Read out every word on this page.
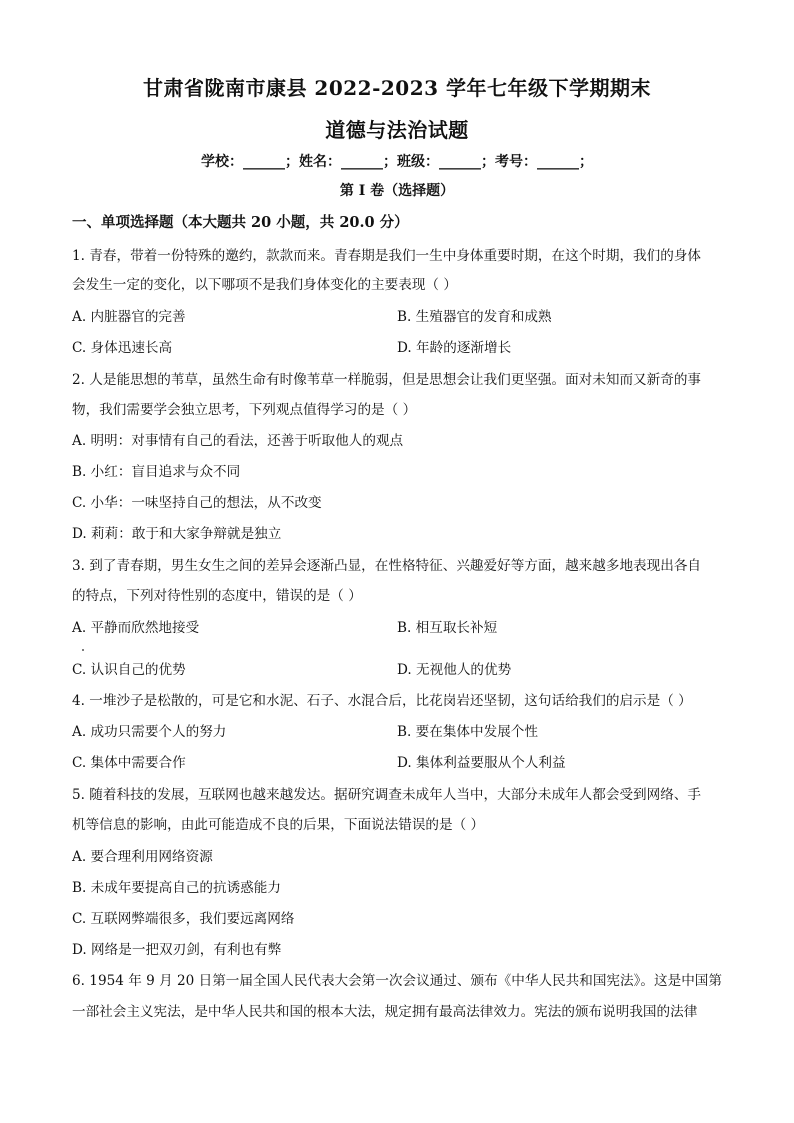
甘肃省陇南市康县 2022-2023 学年七年级下学期期末
道德与法治试题
学校：______；姓名：______；班级：______；考号：______；
第 I 卷（选择题）
一、单项选择题（本大题共 20 小题，共 20.0 分）
1. 青春，带着一份特殊的邀约，款款而来。青春期是我们一生中身体重要时期，在这个时期，我们的身体
会发生一定的变化，以下哪项不是我们身体变化的主要表现（ ）
A. 内脏器官的完善	B. 生殖器官的发育和成熟
C. 身体迅速长高	D. 年龄的逐渐增长
2. 人是能思想的苇草，虽然生命有时像苇草一样脆弱，但是思想会让我们更坚强。面对未知而又新奇的事
物，我们需要学会独立思考，下列观点值得学习的是（ ）
A. 明明：对事情有自己的看法，还善于听取他人的观点
B. 小红：盲目追求与众不同
C. 小华：一味坚持自己的想法，从不改变
D. 莉莉：敢于和大家争辩就是独立
3. 到了青春期，男生女生之间的差异会逐渐凸显，在性格特征、兴趣爱好等方面，越来越多地表现出各自
的特点，下列对待性别的态度中，错误的是（ ）
A. 平静而欣然地接受	B. 相互取长补短
C. 认识自己的优势	D. 无视他人的优势
4. 一堆沙子是松散的，可是它和水泥、石子、水混合后，比花岗岩还坚韧，这句话给我们的启示是（ ）
A. 成功只需要个人的努力	B. 要在集体中发展个性
C. 集体中需要合作	D. 集体利益要服从个人利益
5. 随着科技的发展，互联网也越来越发达。据研究调查未成年人当中，大部分未成年人都会受到网络、手
机等信息的影响，由此可能造成不良的后果，下面说法错误的是（ ）
A. 要合理利用网络资源
B. 未成年要提高自己的抗诱惑能力
C. 互联网弊端很多，我们要远离网络
D. 网络是一把双刃剑，有利也有弊
6. 1954 年 9 月 20 日第一届全国人民代表大会第一次会议通过、颁布《中华人民共和国宪法》。这是中国第
一部社会主义宪法，是中华人民共和国的根本大法，规定拥有最高法律效力。宪法的颁布说明我国的法律
